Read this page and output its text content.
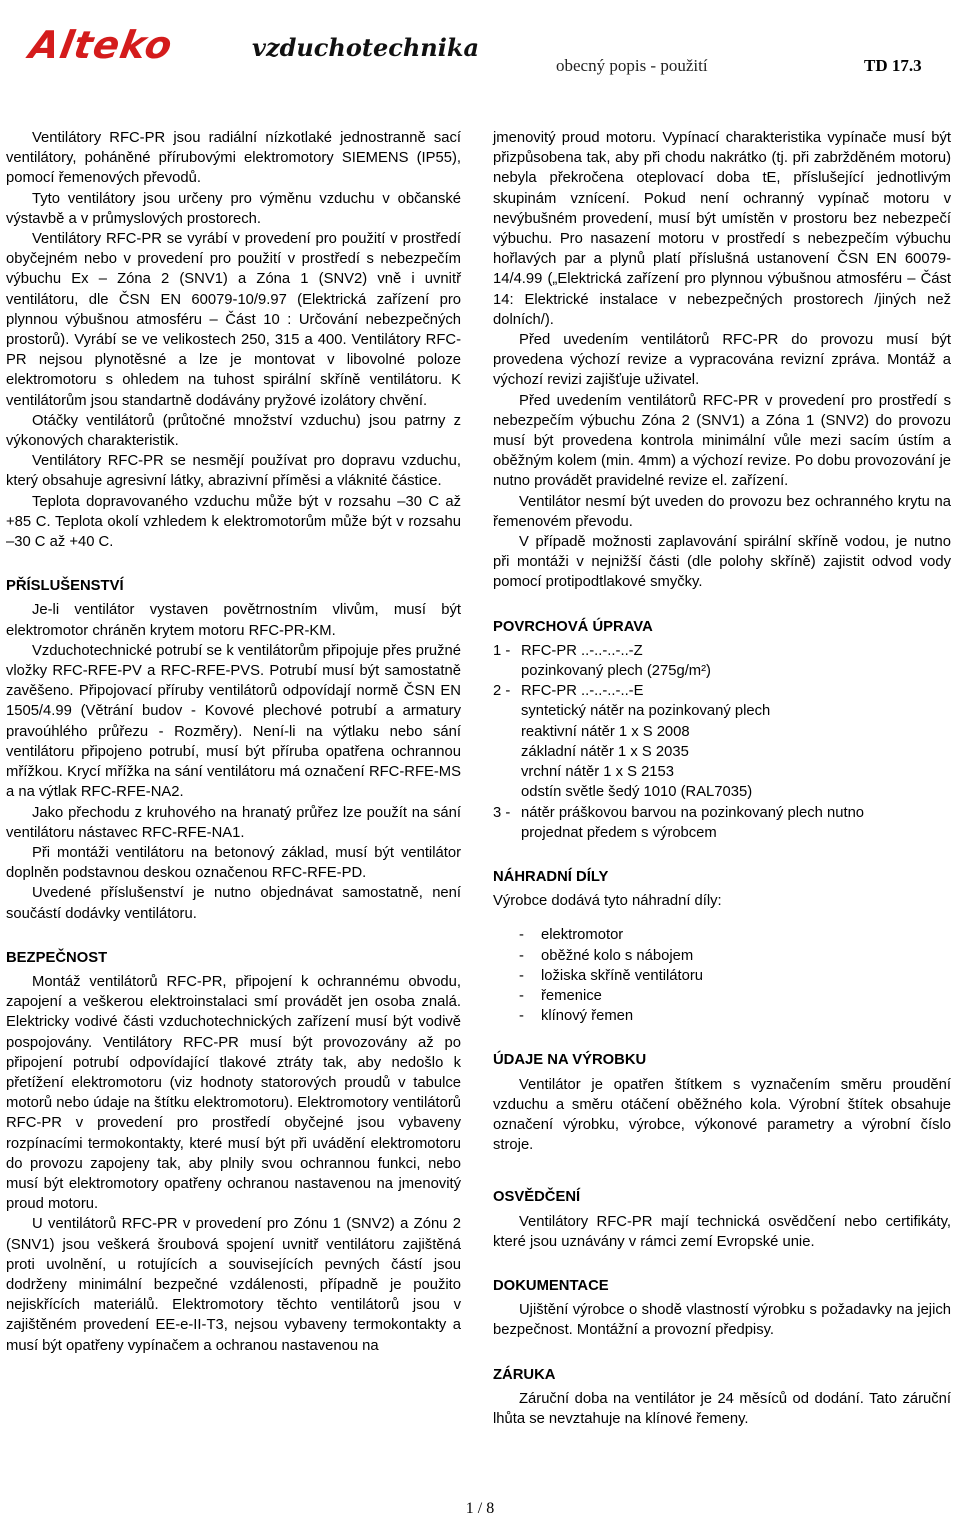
Alteko	vzduchotechnika
obecný popis - použití	TD 17.3

Ventilátory RFC-PR jsou radiální nízkotlaké jednostranně sací ventilátory, poháněné přírubovými elektromotory SIEMENS (IP55), pomocí řemenových převodů.

Tyto ventilátory jsou určeny pro výměnu vzduchu v občanské výstavbě a v průmyslových prostorech.

Ventilátory RFC-PR se vyrábí v provedení pro použití v prostředí obyčejném nebo v provedení pro použití v prostředí s nebezpečím výbuchu Ex – Zóna 2 (SNV1) a Zóna 1 (SNV2) vně i uvnitř ventilátoru, dle ČSN EN 60079-10/9.97 (Elektrická zařízení pro plynnou výbušnou atmosféru – Část 10 : Určování nebezpečných prostorů). Vyrábí se ve velikostech 250, 315 a 400. Ventilátory RFC-PR nejsou plynotěsné a lze je montovat v libovolné poloze elektromotoru s ohledem na tuhost spirální skříně ventilátoru. K ventilátorům jsou standartně dodávány pryžové izolátory chvění.

Otáčky ventilátorů (průtočné množství vzduchu) jsou patrny z výkonových charakteristik.

Ventilátory RFC-PR se nesmějí používat pro dopravu vzduchu, který obsahuje agresivní látky, abrazivní příměsi a vláknité částice.

Teplota dopravovaného vzduchu může být v rozsahu –30 C až +85 C. Teplota okolí vzhledem k elektromotorům může být v rozsahu –30 C až +40 C.

PŘÍSLUŠENSTVÍ

Je-li ventilátor vystaven povětrnostním vlivům, musí být elektromotor chráněn krytem motoru RFC-PR-KM.

Vzduchotechnické potrubí se k ventilátorům připojuje přes pružné vložky RFC-RFE-PV a RFC-RFE-PVS. Potrubí musí být samostatně zavěšeno. Připojovací příruby ventilátorů odpovídají normě ČSN EN 1505/4.99 (Větrání budov - Kovové plechové potrubí a armatury pravoúhlého průřezu - Rozměry). Není-li na výtlaku nebo sání ventilátoru připojeno potrubí, musí být příruba opatřena ochrannou mřížkou. Krycí mřížka na sání ventilátoru má označení RFC-RFE-MS a na výtlak RFC-RFE-NA2.

Jako přechodu z kruhového na hranatý průřez lze použít na sání ventilátoru nástavec RFC-RFE-NA1.

Při montáži ventilátoru na betonový základ, musí být ventilátor doplněn podstavnou deskou označenou RFC-RFE-PD.

Uvedené příslušenství je nutno objednávat samostatně, není součástí dodávky ventilátoru.

BEZPEČNOST

Montáž ventilátorů RFC-PR, připojení k ochrannému obvodu, zapojení a veškerou elektroinstalaci smí provádět jen osoba znalá. Elektricky vodivé části vzduchotechnických zařízení musí být vodivě pospojovány. Ventilátory RFC-PR musí být provozovány až po připojení potrubí odpovídající tlakové ztráty tak, aby nedošlo k přetížení elektromotoru (viz hodnoty statorových proudů v tabulce motorů nebo údaje na štítku elektromotoru). Elektromotory ventilátorů RFC-PR v provedení pro prostředí obyčejné jsou vybaveny rozpínacími termokontakty, které musí být při uvádění elektromotoru do provozu zapojeny tak, aby plnily svou ochrannou funkci, nebo musí být elektromotory opatřeny ochranou nastavenou na jmenovitý proud motoru.

U ventilátorů RFC-PR v provedení pro Zónu 1 (SNV2) a Zónu 2 (SNV1) jsou veškerá šroubová spojení uvnitř ventilátoru zajištěná proti uvolnění, u rotujících a souvisejících pevných částí jsou dodrženy minimální bezpečné vzdálenosti, případně je použito nejiskřících materiálů. Elektromotory těchto ventilátorů jsou v zajištěném provedení EE-e-II-T3, nejsou vybaveny termokontakty a musí být opatřeny vypínačem a ochranou nastavenou na

jmenovitý proud motoru. Vypínací charakteristika vypínače musí být přizpůsobena tak, aby při chodu nakrátko (tj. při zabržděném motoru) nebyla překročena oteplovací doba tE, příslušející jednotlivým skupinám vznícení. Pokud není ochranný vypínač motoru v nevýbušném provedení, musí být umístěn v prostoru bez nebezpečí výbuchu. Pro nasazení motoru v prostředí s nebezpečím výbuchu hořlavých par a plynů platí příslušná ustanovení ČSN EN 60079-14/4.99 („Elektrická zařízení pro plynnou výbušnou atmosféru – Část 14: Elektrické instalace v nebezpečných prostorech /jiných než dolních/).

Před uvedením ventilátorů RFC-PR do provozu musí být provedena výchozí revize a vypracována revizní zpráva. Montáž a výchozí revizi zajišťuje uživatel.

Před uvedením ventilátorů RFC-PR v provedení pro prostředí s nebezpečím výbuchu Zóna 2 (SNV1) a Zóna 1 (SNV2) do provozu musí být provedena kontrola minimální vůle mezi sacím ústím a oběžným kolem (min. 4mm) a výchozí revize. Po dobu provozování je nutno provádět pravidelné revize el. zařízení.

Ventilátor nesmí být uveden do provozu bez ochranného krytu na řemenovém převodu.

V případě možnosti zaplavování spirální skříně vodou, je nutno při montáži v nejnižší části (dle polohy skříně) zajistit odvod vody pomocí protipodtlakové smyčky.

POVRCHOVÁ ÚPRAVA
1 - RFC-PR ..-..-..-..-Z
pozinkovaný plech (275g/m²)
2 - RFC-PR ..-..-..-..-E
syntetický nátěr na pozinkovaný plech
reaktivní nátěr 1 x S 2008
základní nátěr 1 x S 2035
vrchní nátěr 1 x S 2153
odstín světle šedý 1010 (RAL7035)
3 - nátěr práškovou barvou na pozinkovaný plech nutno
projednat předem s výrobcem
NÁHRADNÍ DÍLY

Výrobce dodává tyto náhradní díly:

-	elektromotor
-	oběžné kolo s nábojem
-	ložiska skříně ventilátoru
-	řemenice
-	klínový řemen
ÚDAJE NA VÝROBKU

Ventilátor je opatřen štítkem s vyznačením směru proudění vzduchu a směru otáčení oběžného kola. Výrobní štítek obsahuje označení výrobku, výrobce, výkonové parametry a výrobní číslo stroje.

OSVĚDČENÍ

Ventilátory RFC-PR mají technická osvědčení nebo certifikáty, které jsou uznávány v rámci zemí Evropské unie.

DOKUMENTACE

Ujištění výrobce o shodě vlastností výrobku s požadavky na jejich bezpečnost. Montážní a provozní předpisy.

ZÁRUKA

Záruční doba na ventilátor je 24 měsíců od dodání. Tato záruční lhůta se nevztahuje na klínové řemeny.

1 / 8
